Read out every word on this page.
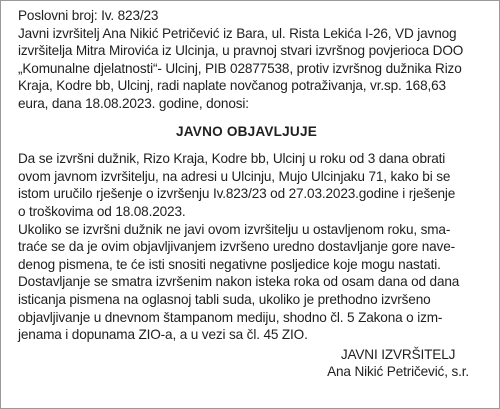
Poslovni broj: Iv. 823/23
Javni izvršitelj Ana Nikić Petričević iz Bara, ul. Rista Lekića I-26, VD javnog
izvršitelja Mitra Mirovića iz Ulcinja, u pravnoj stvari izvršnog povjerioca DOO
„Komunalne djelatnosti“- Ulcinj, PIB 02877538, protiv izvršnog dužnika Rizo
Kraja, Kodre bb, Ulcinj, radi naplate novčanog potraživanja, vr.sp. 168,63
eura, dana 18.08.2023. godine, donosi:
JAVNO OBJAVLJUJE
Da se izvršni dužnik, Rizo Kraja, Kodre bb, Ulcinj u roku od 3 dana obrati
ovom javnom izvršitelju, na adresi u Ulcinju, Mujo Ulcinjaku 71, kako bi se
istom uručilo rješenje o izvršenju Iv.823/23 od 27.03.2023.godine i rješenje
o troškovima od 18.08.2023.
Ukoliko se izvršni dužnik ne javi ovom izvršitelju u ostavljenom roku, sma-
traće se da je ovim objavljivanjem izvršeno uredno dostavljanje gore nave-
denog pismena, te će isti snositi negativne posljedice koje mogu nastati.
Dostavljanje se smatra izvršenim nakon isteka roka od osam dana od dana
isticanja pismena na oglasnoj tabli suda, ukoliko je prethodno izvršeno
objavljivanje u dnevnom štampanom mediju, shodno čl. 5 Zakona o izm-
jenama i dopunama ZIO-a, a u vezi sa čl. 45 ZIO.
JAVNI IZVRŠITELJ
Ana Nikić Petričević, s.r.
